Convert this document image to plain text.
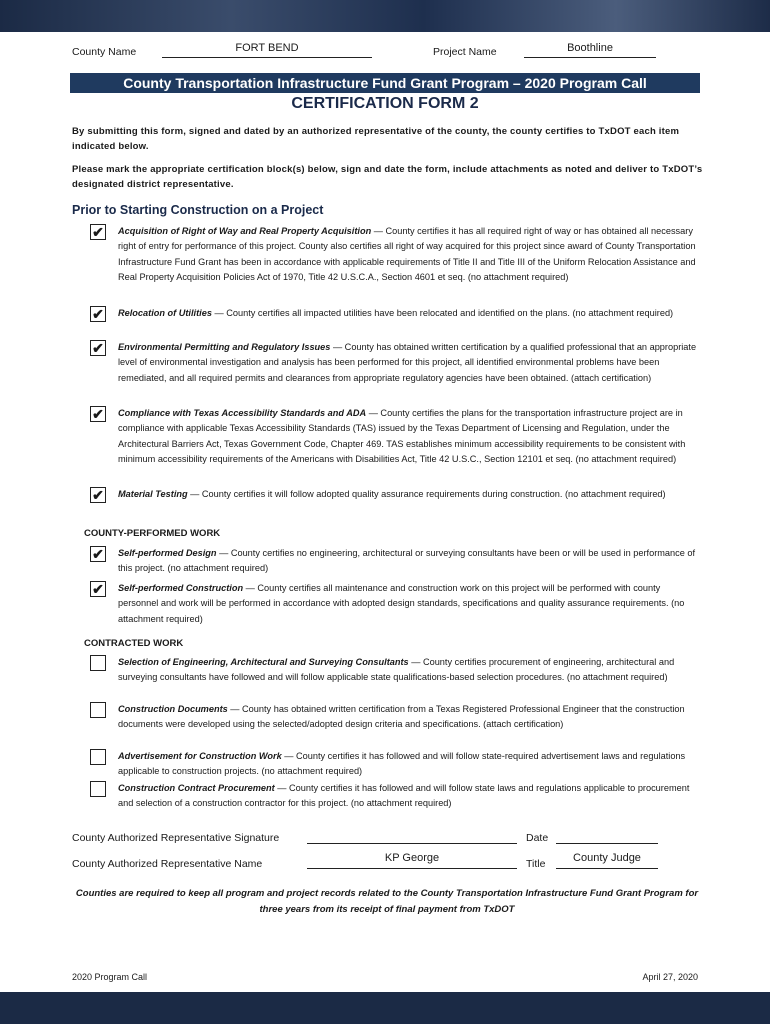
County Name	FORT BEND	Project Name	Boothline
County Transportation Infrastructure Fund Grant Program – 2020 Program Call
CERTIFICATION FORM 2
By submitting this form, signed and dated by an authorized representative of the county, the county certifies to TxDOT each item indicated below.
Please mark the appropriate certification block(s) below, sign and date the form, include attachments as noted and deliver to TxDOT’s designated district representative.
Prior to Starting Construction on a Project
✔ Acquisition of Right of Way and Real Property Acquisition — County certifies it has all required right of way or has obtained all necessary right of entry for performance of this project. County also certifies all right of way acquired for this project since award of County Transportation Infrastructure Fund Grant has been in accordance with applicable requirements of Title II and Title III of the Uniform Relocation Assistance and Real Property Acquisition Policies Act of 1970, Title 42 U.S.C.A., Section 4601 et seq. (no attachment required)
✔ Relocation of Utilities — County certifies all impacted utilities have been relocated and identified on the plans. (no attachment required)
✔ Environmental Permitting and Regulatory Issues — County has obtained written certification by a qualified professional that an appropriate level of environmental investigation and analysis has been performed for this project, all identified environmental problems have been remediated, and all required permits and clearances from appropriate regulatory agencies have been obtained. (attach certification)
✔ Compliance with Texas Accessibility Standards and ADA — County certifies the plans for the transportation infrastructure project are in compliance with applicable Texas Accessibility Standards (TAS) issued by the Texas Department of Licensing and Regulation, under the Architectural Barriers Act, Texas Government Code, Chapter 469. TAS establishes minimum accessibility requirements to be consistent with minimum accessibility requirements of the Americans with Disabilities Act, Title 42 U.S.C., Section 12101 et seq. (no attachment required)
✔ Material Testing — County certifies it will follow adopted quality assurance requirements during construction. (no attachment required)
COUNTY-PERFORMED WORK
✔ Self-performed Design — County certifies no engineering, architectural or surveying consultants have been or will be used in performance of this project. (no attachment required)
✔ Self-performed Construction — County certifies all maintenance and construction work on this project will be performed with county personnel and work will be performed in accordance with adopted design standards, specifications and quality assurance requirements. (no attachment required)
CONTRACTED WORK
Selection of Engineering, Architectural and Surveying Consultants — County certifies procurement of engineering, architectural and surveying consultants have followed and will follow applicable state qualifications-based selection procedures. (no attachment required)
Construction Documents — County has obtained written certification from a Texas Registered Professional Engineer that the construction documents were developed using the selected/adopted design criteria and specifications. (attach certification)
Advertisement for Construction Work — County certifies it has followed and will follow state-required advertisement laws and regulations applicable to construction projects. (no attachment required)
Construction Contract Procurement — County certifies it has followed and will follow state laws and regulations applicable to procurement and selection of a construction contractor for this project. (no attachment required)
County Authorized Representative Signature	Date
County Authorized Representative Name	KP George	Title	County Judge
Counties are required to keep all program and project records related to the County Transportation Infrastructure Fund Grant Program for three years from its receipt of final payment from TxDOT
2020 Program Call	April 27, 2020
